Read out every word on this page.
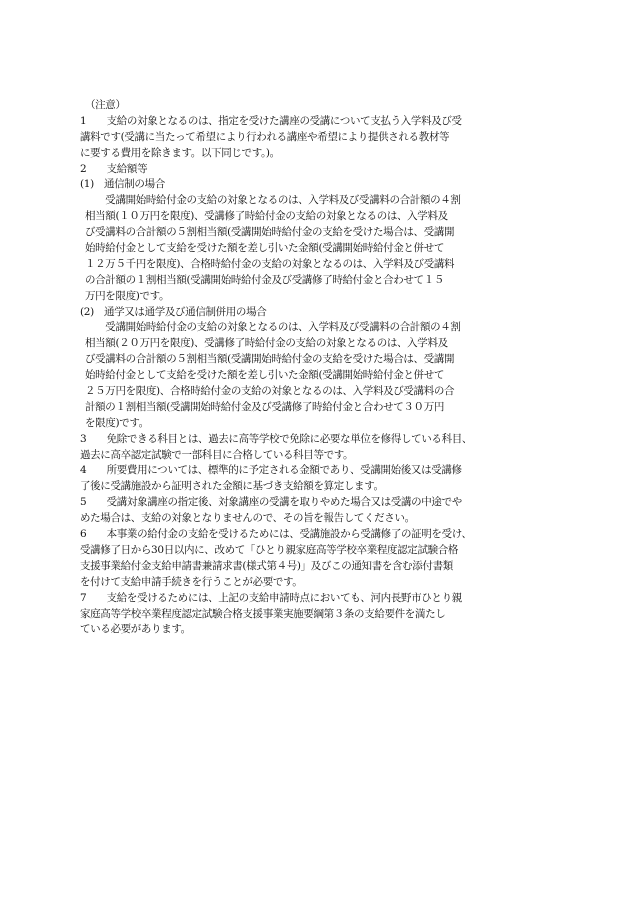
（注意）
1　　支給の対象となるのは、指定を受けた講座の受講について支払う入学料及び受
講料です(受講に当たって希望により行われる講座や希望により提供される教材等
に要する費用を除きます。以下同じです。)。
2　　支給額等
(1)　通信制の場合
　　受講開始時給付金の支給の対象となるのは、入学料及び受講料の合計額の４割
相当額(１０万円を限度)、受講修了時給付金の支給の対象となるのは、入学料及
び受講料の合計額の５割相当額(受講開始時給付金の支給を受けた場合は、受講開
始時給付金として支給を受けた額を差し引いた金額(受講開始時給付金と併せて
１２万５千円を限度)、合格時給付金の支給の対象となるのは、入学料及び受講料
の合計額の１割相当額(受講開始時給付金及び受講修了時給付金と合わせて１５
万円を限度)です。
(2)　通学又は通学及び通信制併用の場合
　　受講開始時給付金の支給の対象となるのは、入学料及び受講料の合計額の４割
相当額(２０万円を限度)、受講修了時給付金の支給の対象となるのは、入学料及
び受講料の合計額の５割相当額(受講開始時給付金の支給を受けた場合は、受講開
始時給付金として支給を受けた額を差し引いた金額(受講開始時給付金と併せて
２５万円を限度)、合格時給付金の支給の対象となるのは、入学料及び受講料の合
計額の１割相当額(受講開始時給付金及び受講修了時給付金と合わせて３０万円
を限度)です。
3　　免除できる科目とは、過去に高等学校で免除に必要な単位を修得している科目、
過去に高卒認定試験で一部科目に合格している科目等です。
4　　所要費用については、標準的に予定される金額であり、受講開始後又は受講修
了後に受講施設から証明された金額に基づき支給額を算定します。
5　　受講対象講座の指定後、対象講座の受講を取りやめた場合又は受講の中途でや
めた場合は、支給の対象となりませんので、その旨を報告してください。
6　　本事業の給付金の支給を受けるためには、受講施設から受講修了の証明を受け、
受講修了日から30日以内に、改めて「ひとり親家庭高等学校卒業程度認定試験合格
支援事業給付金支給申請書兼請求書(様式第４号)」及びこの通知書を含む添付書類
を付けて支給申請手続きを行うことが必要です。
7　　支給を受けるためには、上記の支給申請時点においても、河内長野市ひとり親
家庭高等学校卒業程度認定試験合格支援事業実施要綱第３条の支給要件を満たし
ている必要があります。
